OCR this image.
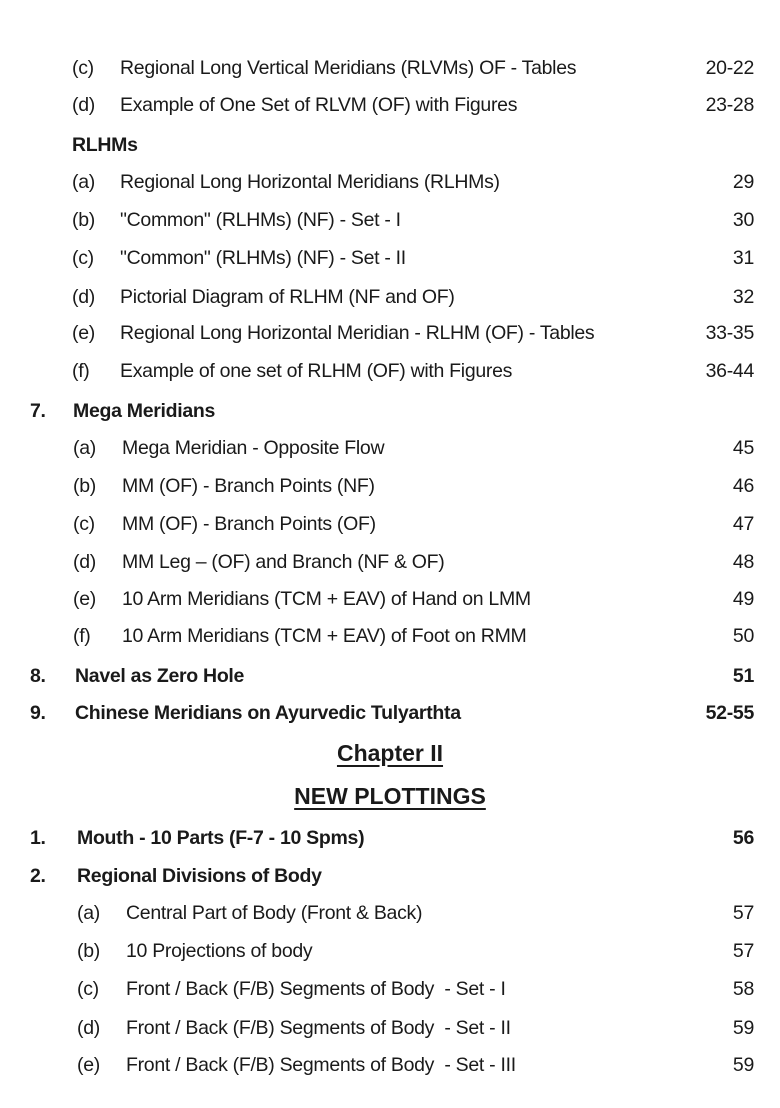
(c) Regional Long Vertical Meridians (RLVMs) OF - Tables	20-22
(d) Example of One Set of RLVM (OF) with Figures	23-28
RLHMs
(a) Regional Long Horizontal Meridians (RLHMs)	29
(b) "Common" (RLHMs) (NF) - Set - I	30
(c) "Common" (RLHMs) (NF) - Set - II	31
(d) Pictorial Diagram of RLHM (NF and OF)	32
(e) Regional Long Horizontal Meridian - RLHM (OF) - Tables	33-35
(f) Example of one set of RLHM (OF) with Figures	36-44
7. Mega Meridians
(a) Mega Meridian - Opposite Flow	45
(b) MM (OF) - Branch Points (NF)	46
(c) MM (OF) - Branch Points (OF)	47
(d) MM Leg – (OF) and Branch (NF & OF)	48
(e) 10 Arm Meridians (TCM + EAV) of Hand on LMM	49
(f) 10 Arm Meridians (TCM + EAV) of Foot on RMM	50
8. Navel as Zero Hole	51
9. Chinese Meridians on Ayurvedic Tulyarthta	52-55
Chapter II
NEW PLOTTINGS
1. Mouth - 10 Parts (F-7 - 10 Spms)	56
2. Regional Divisions of Body
(a) Central Part of Body (Front & Back)	57
(b) 10 Projections of body	57
(c) Front / Back (F/B) Segments of Body  - Set - I	58
(d) Front / Back (F/B) Segments of Body  - Set - II	59
(e) Front / Back (F/B) Segments of Body  - Set - III	59
